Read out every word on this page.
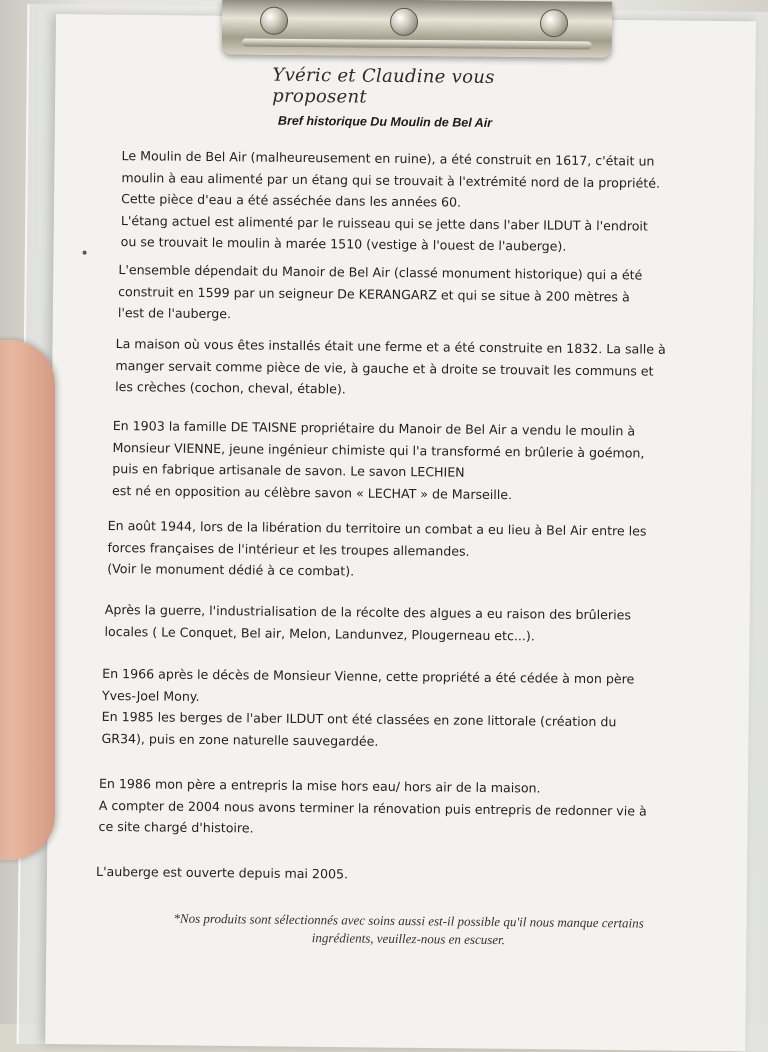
Yvéric et Claudine vous proposent
Bref historique Du Moulin de Bel Air
Le Moulin de Bel Air (malheureusement en ruine), a été construit en 1617, c'était un
moulin à eau alimenté par un étang qui se trouvait à l'extrémité nord de la propriété.
Cette pièce d'eau a été asséchée dans les années 60.
L'étang actuel est alimenté par le ruisseau qui se jette dans l'aber ILDUT à l'endroit
ou se trouvait le moulin à marée 1510 (vestige à l'ouest de l'auberge).
L'ensemble dépendait du Manoir de Bel Air (classé monument historique) qui a été
construit en 1599 par un seigneur De KERANGARZ et qui se situe à 200 mètres à
l'est de l'auberge.
La maison où vous êtes installés était une ferme et a été construite en 1832. La salle à
manger servait comme pièce de vie, à gauche et à droite se trouvait les communs et
les crèches (cochon, cheval, étable).
En 1903 la famille DE TAISNE propriétaire du Manoir de Bel Air a vendu le moulin à
Monsieur VIENNE, jeune ingénieur chimiste qui l'a transformé en brûlerie à goémon,
puis en fabrique artisanale de savon. Le savon LECHIEN
est né en opposition au célèbre savon « LECHAT » de Marseille.
En août 1944, lors de la libération du territoire un combat a eu lieu à Bel Air entre les
forces françaises de l'intérieur et les troupes allemandes.
(Voir le monument dédié à ce combat).
Après la guerre, l'industrialisation de la récolte des algues a eu raison des brûleries
locales ( Le Conquet, Bel air, Melon, Landunvez, Plougerneau etc...).
En 1966 après le décès de Monsieur Vienne, cette propriété a été cédée à mon père
Yves-Joel Mony.
En 1985 les berges de l'aber ILDUT ont été classées en zone littorale (création du
GR34), puis en zone naturelle sauvegardée.
En 1986 mon père a entrepris la mise hors eau/ hors air de la maison.
A compter de 2004 nous avons terminer la rénovation puis entrepris de redonner vie à
ce site chargé d'histoire.
L'auberge est ouverte depuis mai 2005.
*Nos produits sont sélectionnés avec soins aussi est-il possible qu'il nous manque certains
ingrédients, veuillez-nous en escuser.
